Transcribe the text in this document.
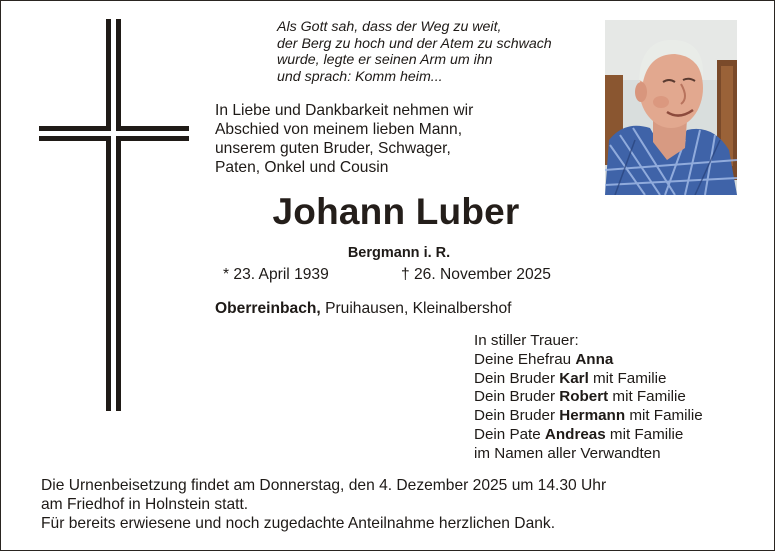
Als Gott sah, dass der Weg zu weit,
der Berg zu hoch und der Atem zu schwach
wurde, legte er seinen Arm um ihn
und sprach: Komm heim...
In Liebe und Dankbarkeit nehmen wir
Abschied von meinem lieben Mann,
unserem guten Bruder, Schwager,
Paten, Onkel und Cousin
Johann Luber
Bergmann i. R.
* 23. April 1939	† 26. November 2025
Oberreinbach, Pruihausen, Kleinalbershof
In stiller Trauer:
Deine Ehefrau Anna
Dein Bruder Karl mit Familie
Dein Bruder Robert mit Familie
Dein Bruder Hermann mit Familie
Dein Pate Andreas mit Familie
im Namen aller Verwandten
Die Urnenbeisetzung findet am Donnerstag, den 4. Dezember 2025 um 14.30 Uhr
am Friedhof in Holnstein statt.
Für bereits erwiesene und noch zugedachte Anteilnahme herzlichen Dank.
